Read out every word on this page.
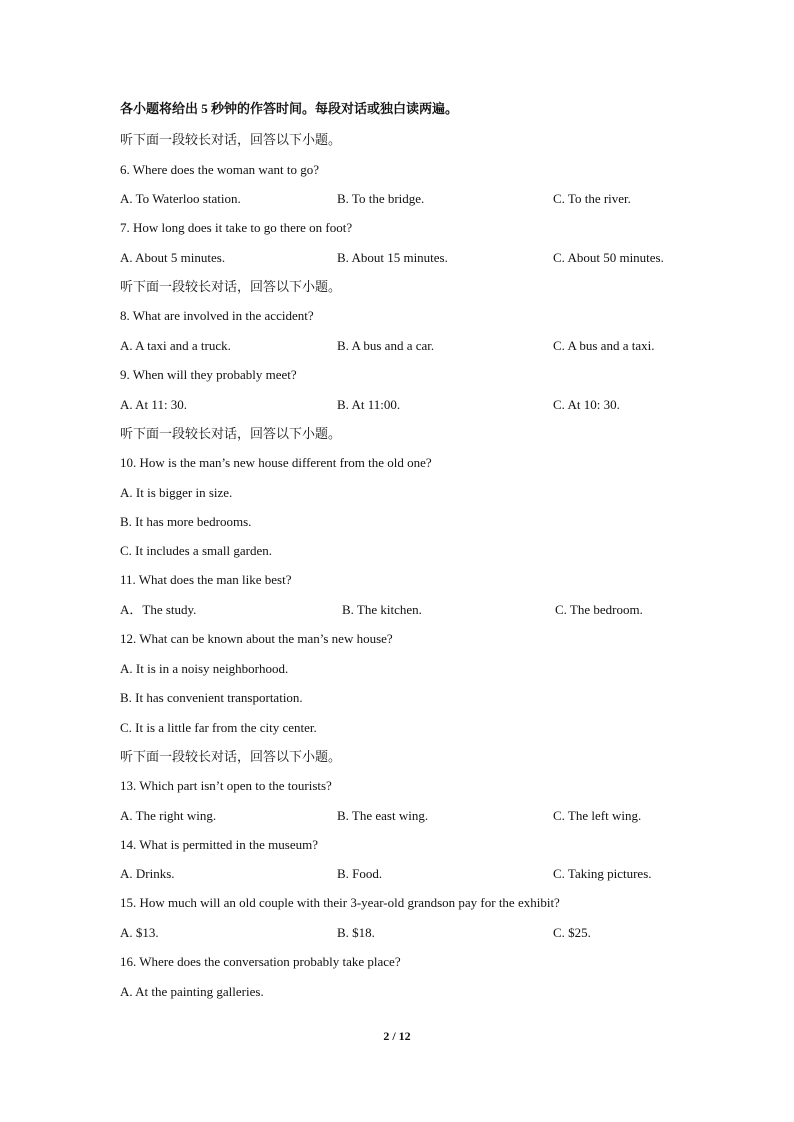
各小题将给出 5 秒钟的作答时间。每段对话或独白读两遍。
听下面一段较长对话，回答以下小题。
6. Where does the woman want to go?
A. To Waterloo station.	B. To the bridge.	C. To the river.
7. How long does it take to go there on foot?
A. About 5 minutes.	B. About 15 minutes.	C. About 50 minutes.
听下面一段较长对话，回答以下小题。
8. What are involved in the accident?
A. A taxi and a truck.	B. A bus and a car.	C. A bus and a taxi.
9. When will they probably meet?
A. At 11: 30.	B. At 11:00.	C. At 10: 30.
听下面一段较长对话，回答以下小题。
10. How is the man’s new house different from the old one?
A. It is bigger in size.
B. It has more bedrooms.
C. It includes a small garden.
11. What does the man like best?
A．The study.	B. The kitchen.	C. The bedroom.
12. What can be known about the man’s new house?
A. It is in a noisy neighborhood.
B. It has convenient transportation.
C. It is a little far from the city center.
听下面一段较长对话，回答以下小题。
13. Which part isn’t open to the tourists?
A. The right wing.	B. The east wing.	C. The left wing.
14. What is permitted in the museum?
A. Drinks.	B. Food.	C. Taking pictures.
15. How much will an old couple with their 3-year-old grandson pay for the exhibit?
A. $13.	B. $18.	C. $25.
16. Where does the conversation probably take place?
A. At the painting galleries.
2 / 12
